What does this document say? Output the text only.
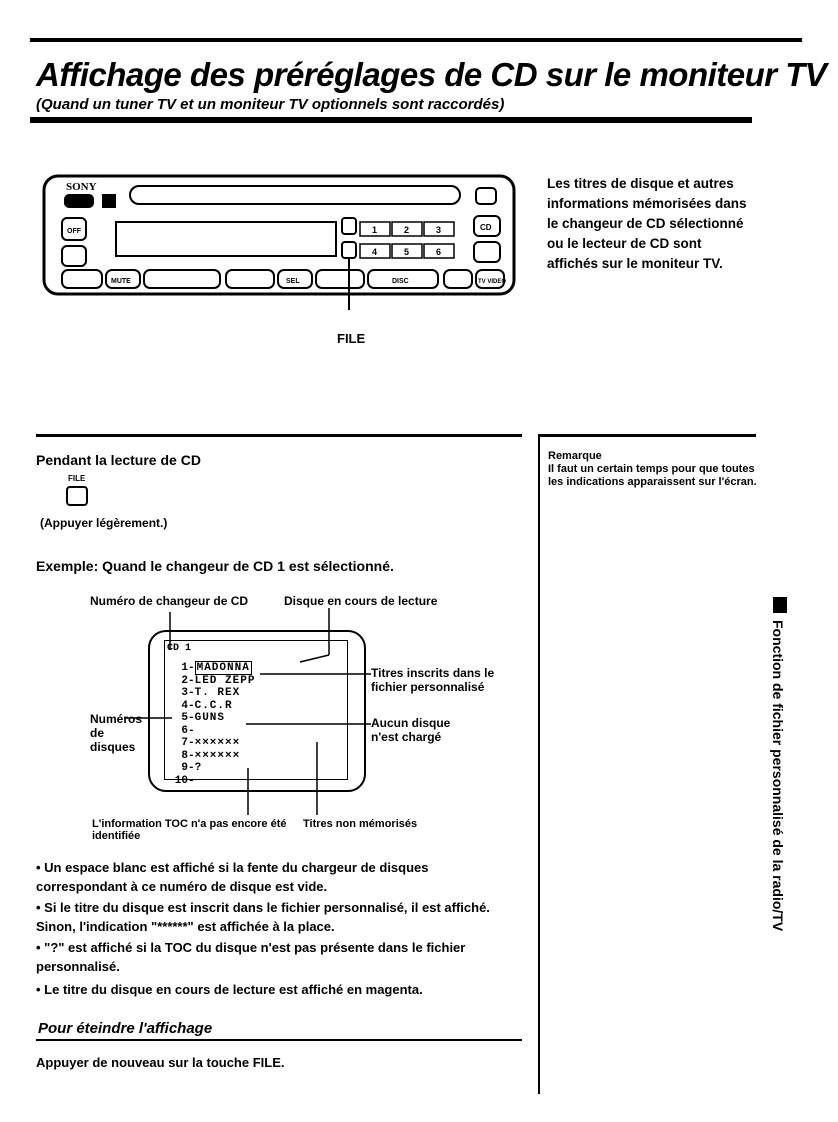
Affichage des préréglages de CD sur le moniteur TV
(Quand un tuner TV et un moniteur TV optionnels sont raccordés)
SONY
OFF	1	2	3
4	5	6
CD
MUTE	SEL	DISC	TV VIDEO
FILE
Les titres de disque et autres informations mémorisées dans le changeur de CD sélectionné ou le lecteur de CD sont affichés sur le moniteur TV.
Pendant la lecture de CD
FILE
(Appuyer légèrement.)
Exemple: Quand le changeur de CD 1 est sélectionné.
Numéro de changeur de CD	Disque en cours de lecture
Titres inscrits dans le fichier personnalisé
Aucun disque n'est chargé
Numéros de disques
L'information TOC n'a pas encore été identifiée
Titres non mémorisés
CD 1
1- MADONNA
2-LED ZEPP
3-T. REX
4-C.C.R
5-GUNS
6-
7-××××××
8-××××××
9-?
10-
• Un espace blanc est affiché si la fente du chargeur de disques correspondant à ce numéro de disque est vide.
• Si le titre du disque est inscrit dans le fichier personnalisé, il est affiché. Sinon, l'indication "******" est affichée à la place.
• "?" est affiché si la TOC du disque n'est pas présente dans le fichier personnalisé.
• Le titre du disque en cours de lecture est affiché en magenta.
Pour éteindre l'affichage
Appuyer de nouveau sur la touche FILE.
Remarque
Il faut un certain temps pour que toutes les indications apparaissent sur l'écran.
Fonction de fichier personnalisé de la radio/TV
